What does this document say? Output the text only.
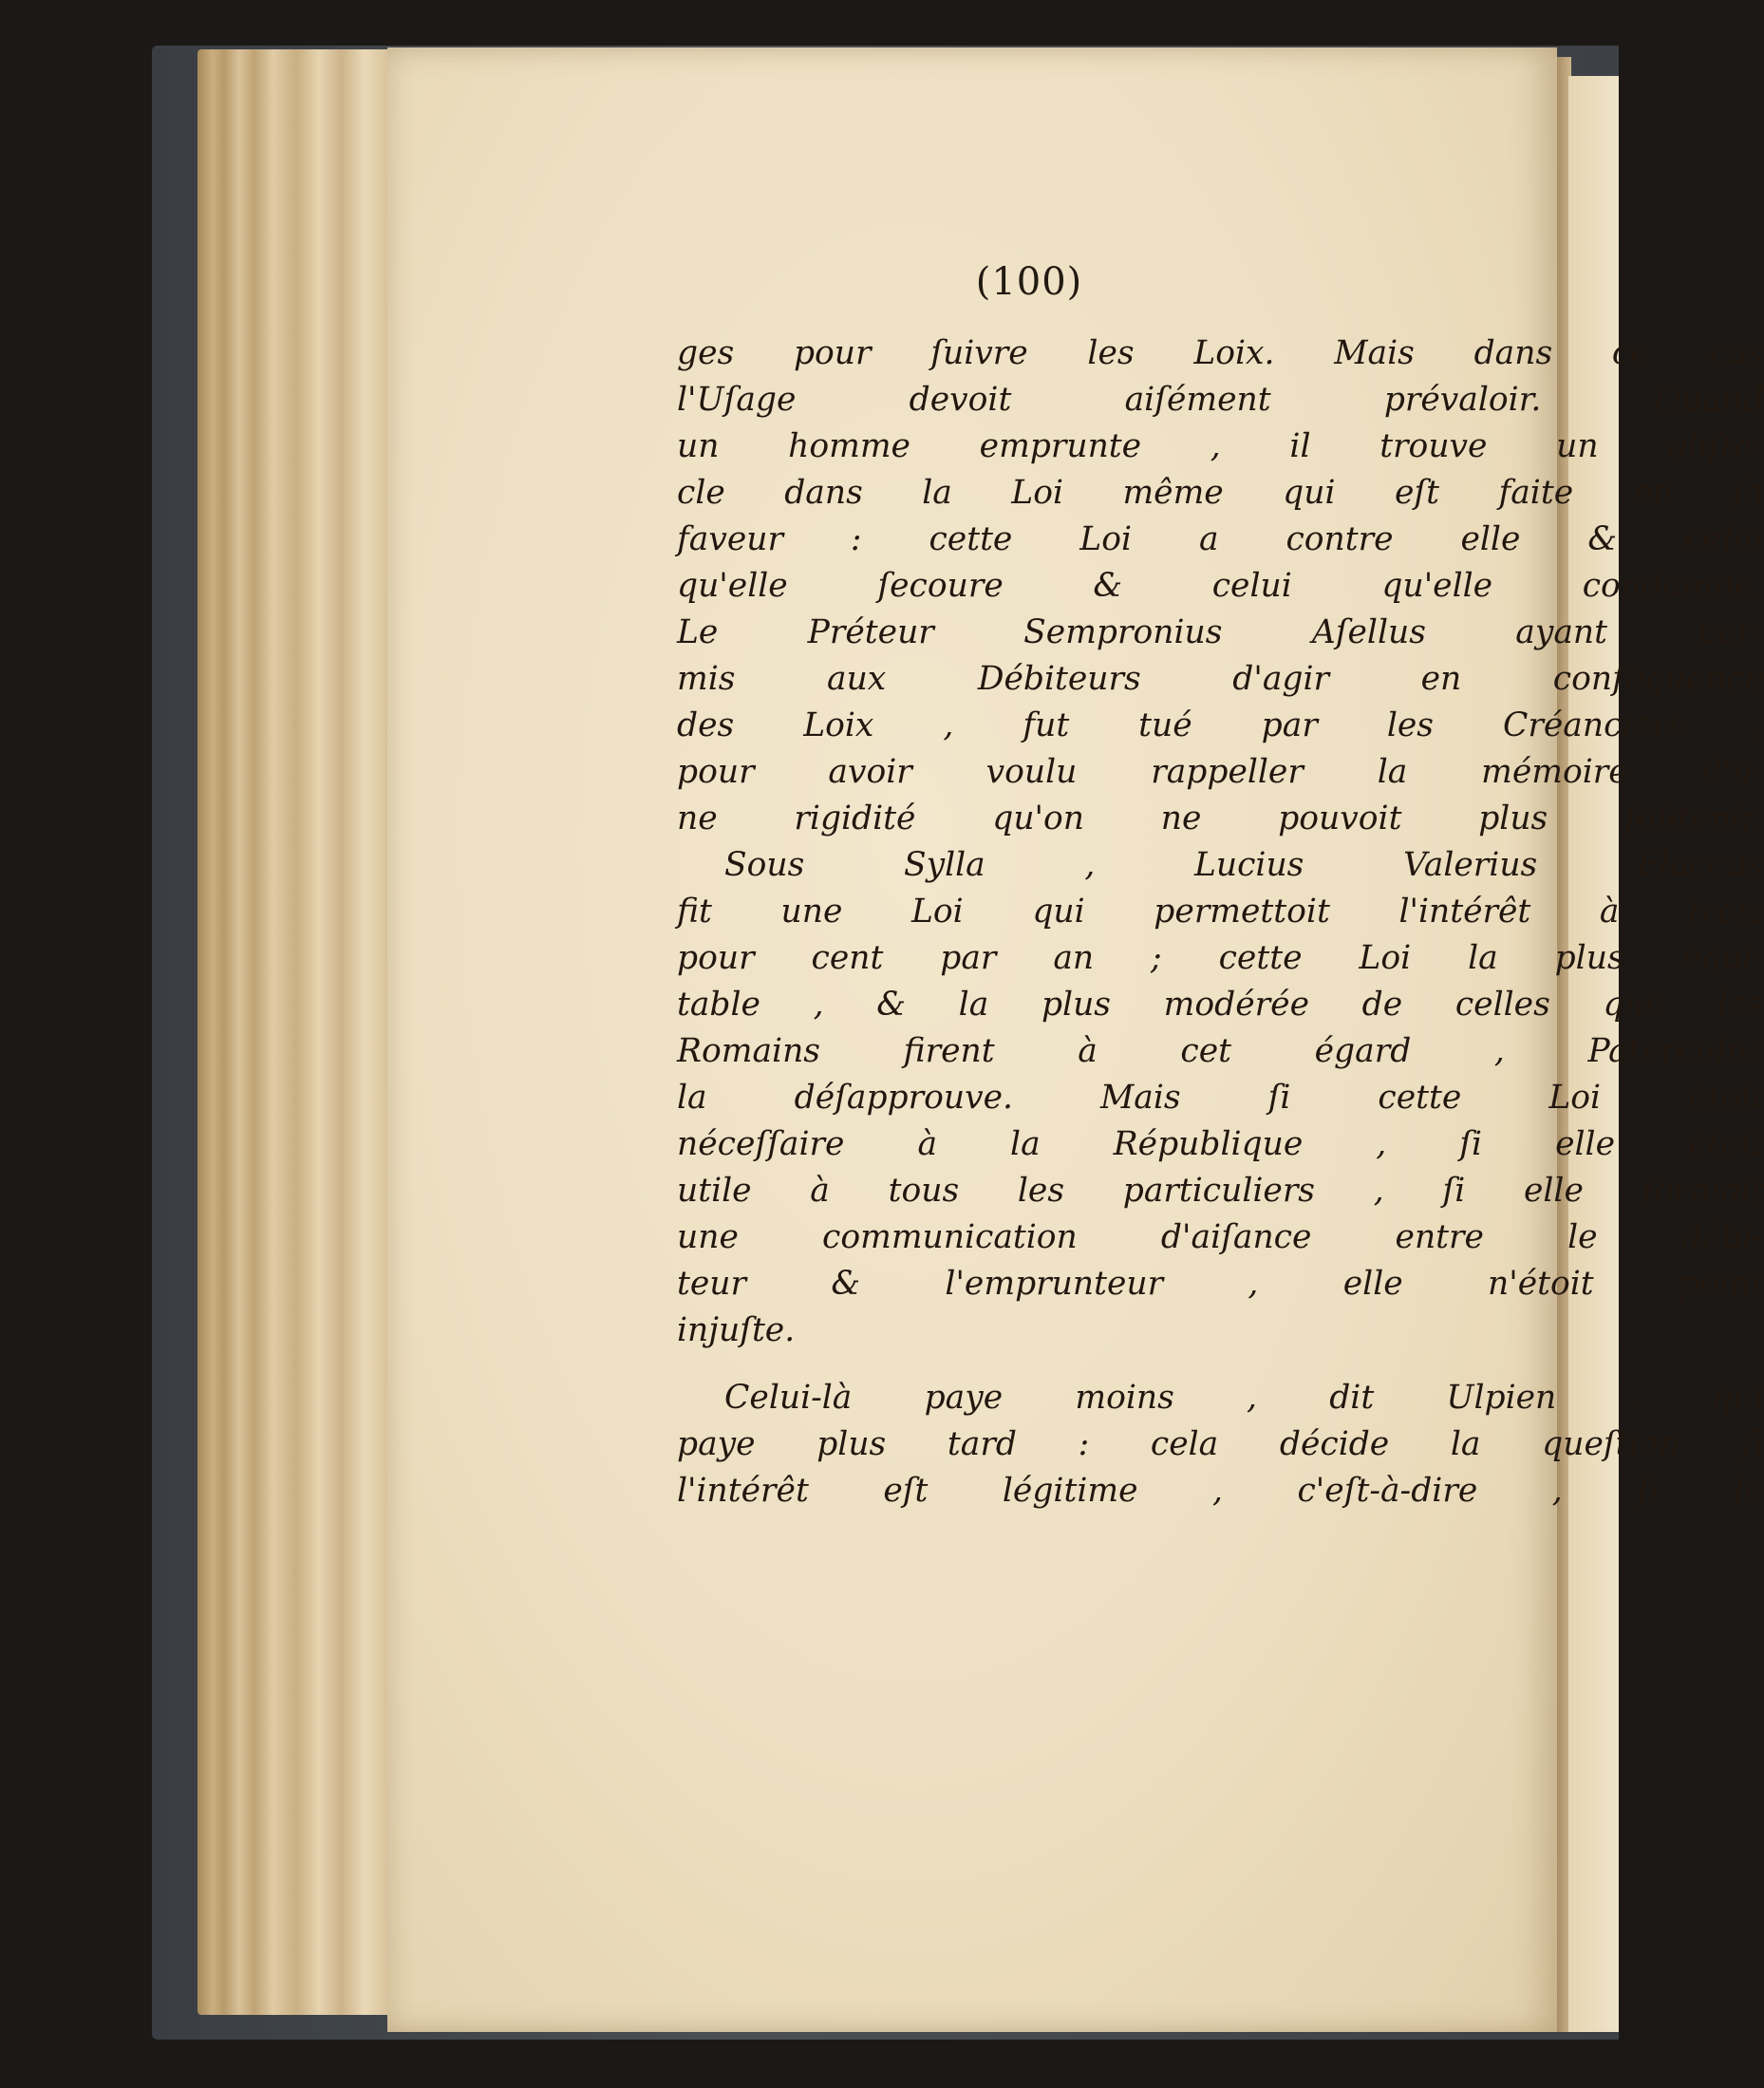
(100)
ges pour ſuivre les Loix. Mais dans ce cas
l'Uſage devoit aiſément prévaloir. Quand
un homme emprunte , il trouve un obſta-
cle dans la Loi même qui eſt faite en ſa
faveur : cette Loi a contre elle & celui
qu'elle ſecoure & celui qu'elle condamne.
Le Préteur Sempronius Aſellus ayant per-
mis aux Débiteurs d'agir en conſéquence
des Loix , fut tué par les Créanciers ,
pour avoir voulu rappeller la mémoire d'u-
ne rigidité qu'on ne pouvoit plus ſoûtenir.
Sous Sylla , Lucius Valerius Flaccus
fit une Loi qui permettoit l'intérêt à trois
pour cent par an ; cette Loi la plus équi-
table , & la plus modérée de celles que les
Romains firent à cet égard , Paterculus
la déſapprouve. Mais ſi cette Loi étoit
néceſſaire à la République , ſi elle étoit
utile à tous les particuliers , ſi elle formoit
une communication d'aiſance entre le débi-
teur & l'emprunteur , elle n'étoit point
injuſte.
Celui-là paye moins , dit Ulpien , qui
paye plus tard : cela décide la queſtion ſi
l'intérêt eſt légitime , c'eſt-à-dire , ſi le
